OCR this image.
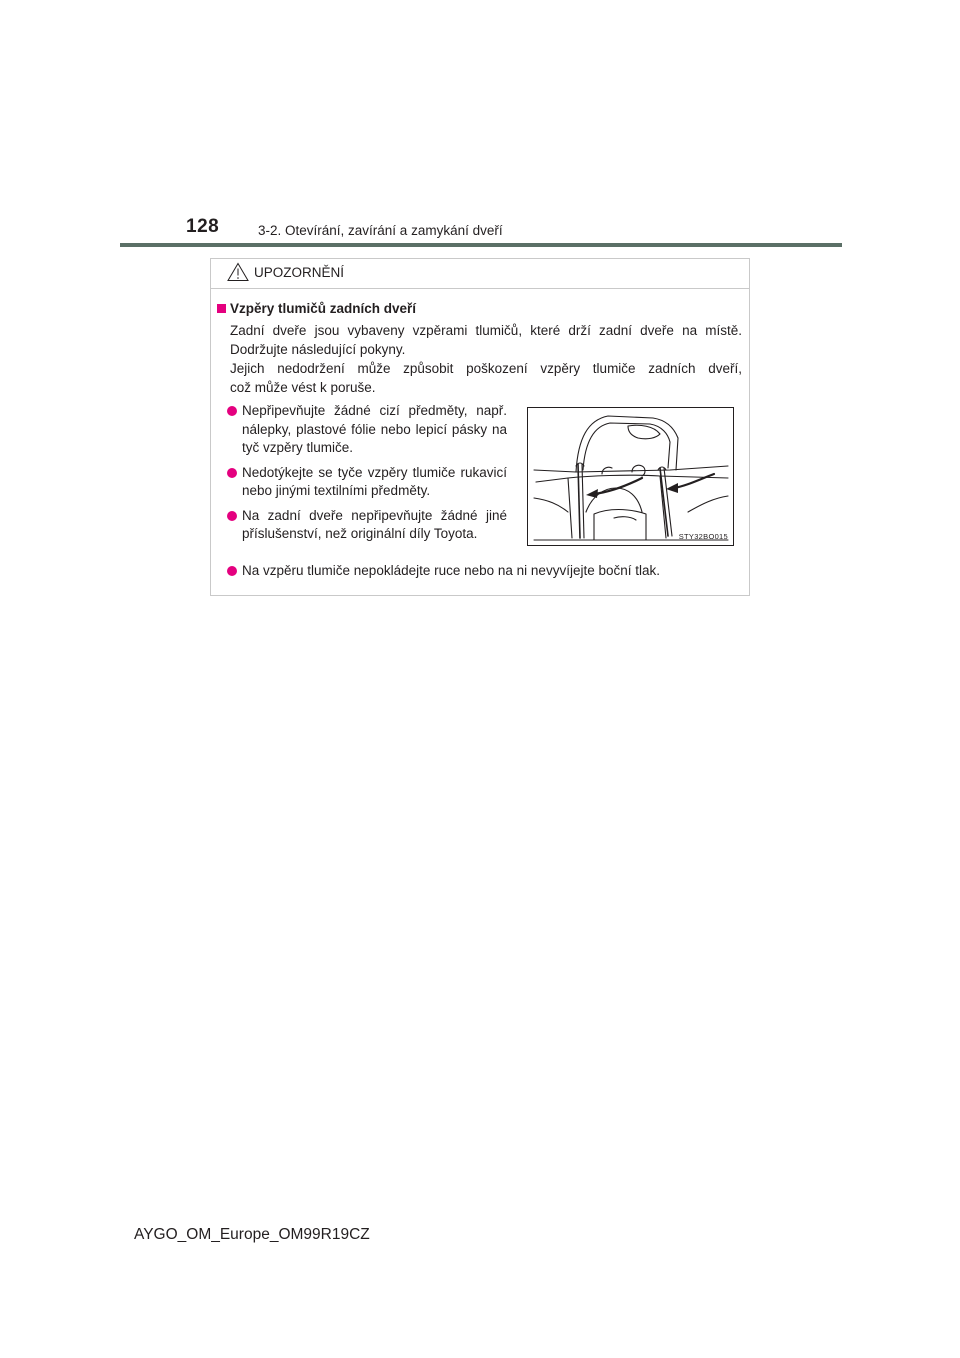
128	3-2. Otevírání, zavírání a zamykání dveří
UPOZORNĚNÍ
Vzpěry tlumičů zadních dveří

Zadní dveře jsou vybaveny vzpěrami tlumičů, které drží zadní dveře na místě.

Dodržujte následující pokyny.

Jejich nedodržení může způsobit poškození vzpěry tlumiče zadních dveří,

což může vést k poruše.

Nepřipevňujte žádné cizí předměty, např. nálepky, plastové fólie nebo lepicí pásky na tyč vzpěry tlumiče.
Nedotýkejte se tyče vzpěry tlumiče rukavicí nebo jinými textilními předměty.
Na zadní dveře nepřipevňujte žádné jiné příslušenství, než originální díly Toyota.	STY32BO015
Na vzpěru tlumiče nepokládejte ruce nebo na ni nevyvíjejte boční tlak.
AYGO_OM_Europe_OM99R19CZ
